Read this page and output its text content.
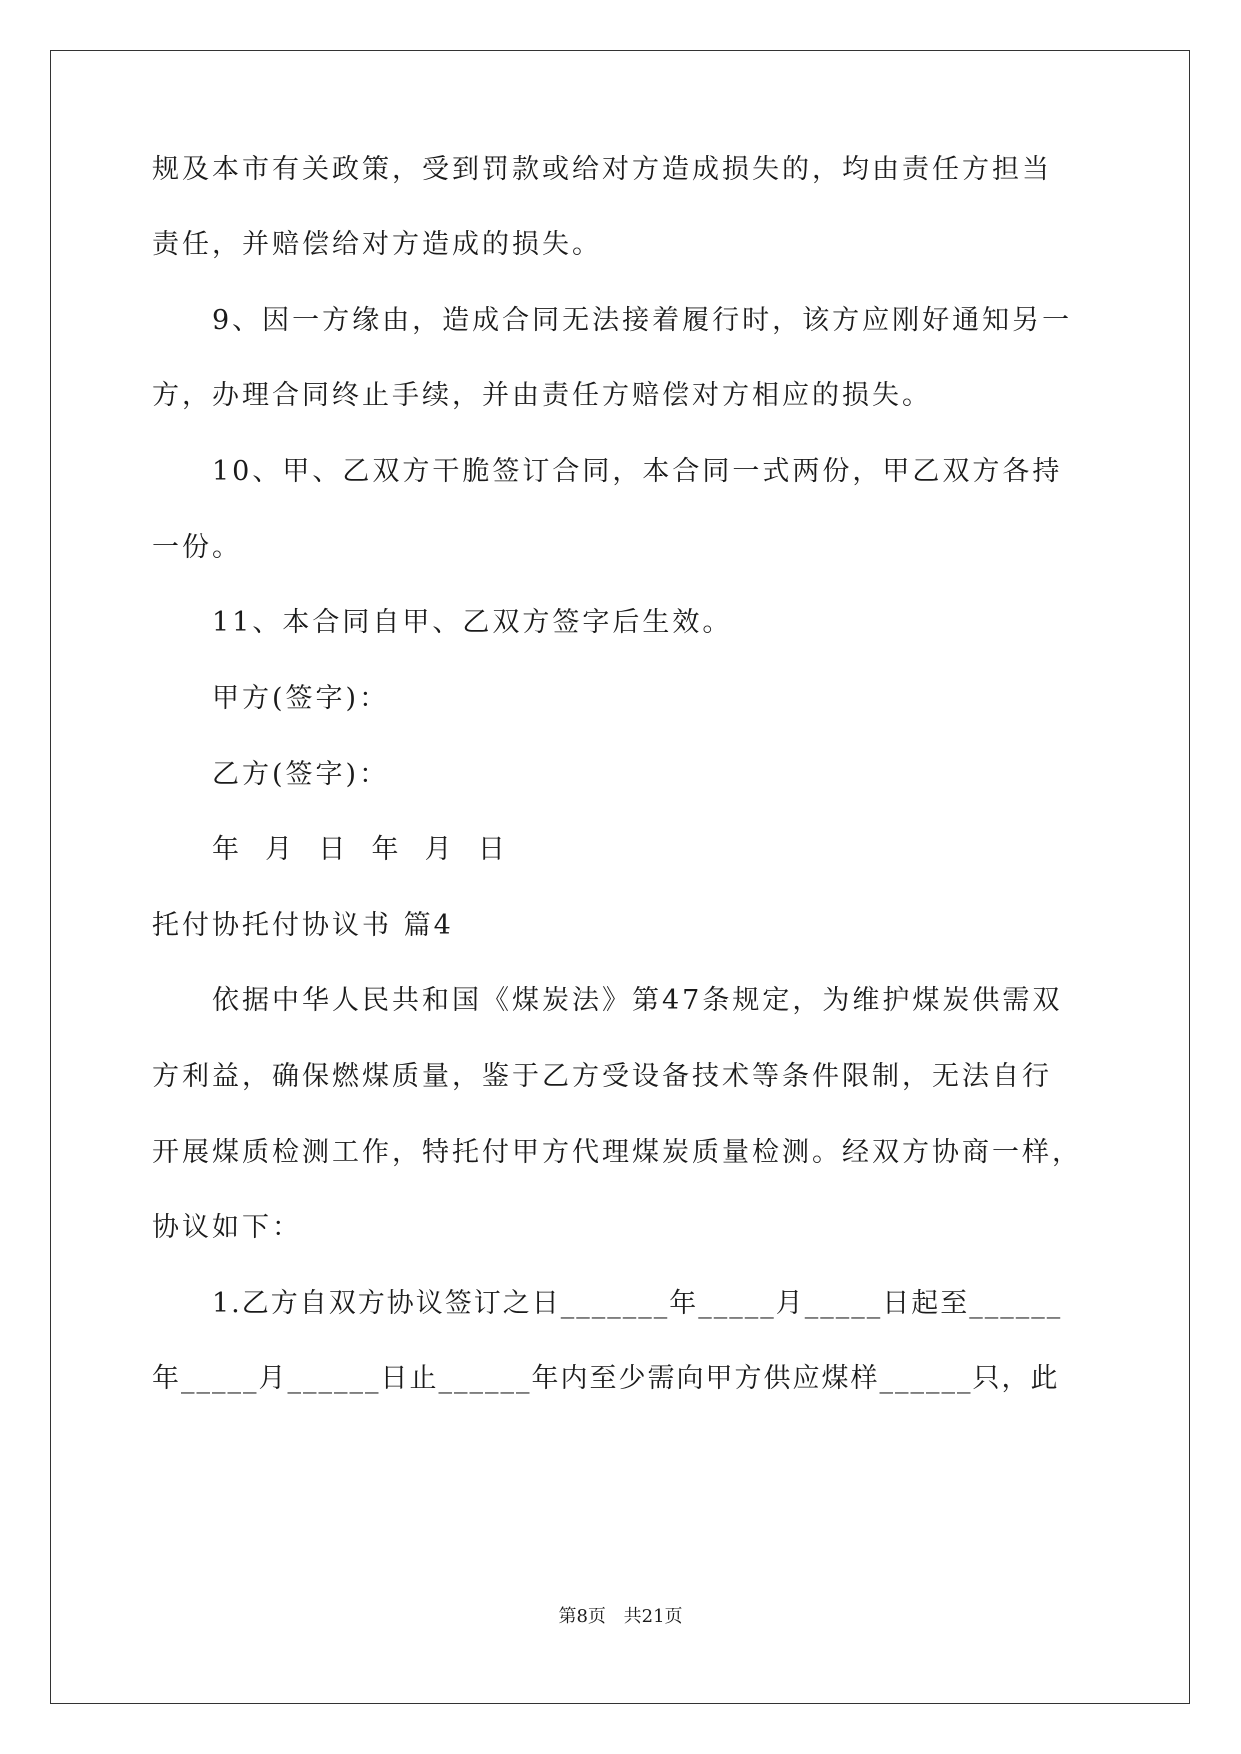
规及本市有关政策，受到罚款或给对方造成损失的，均由责任方担当
责任，并赔偿给对方造成的损失。
9、因一方缘由，造成合同无法接着履行时，该方应刚好通知另一
方，办理合同终止手续，并由责任方赔偿对方相应的损失。
10、甲、乙双方干脆签订合同，本合同一式两份，甲乙双方各持
一份。
11、本合同自甲、乙双方签字后生效。
甲方(签字)：
乙方(签字)：
年  月  日  年  月  日
托付协托付协议书 篇4
依据中华人民共和国《煤炭法》第47条规定，为维护煤炭供需双
方利益，确保燃煤质量，鉴于乙方受设备技术等条件限制，无法自行
开展煤质检测工作，特托付甲方代理煤炭质量检测。经双方协商一样，
协议如下：
1.乙方自双方协议签订之日_______年_____月_____日起至______
年_____月______日止______年内至少需向甲方供应煤样______只，此
第8页 共21页
